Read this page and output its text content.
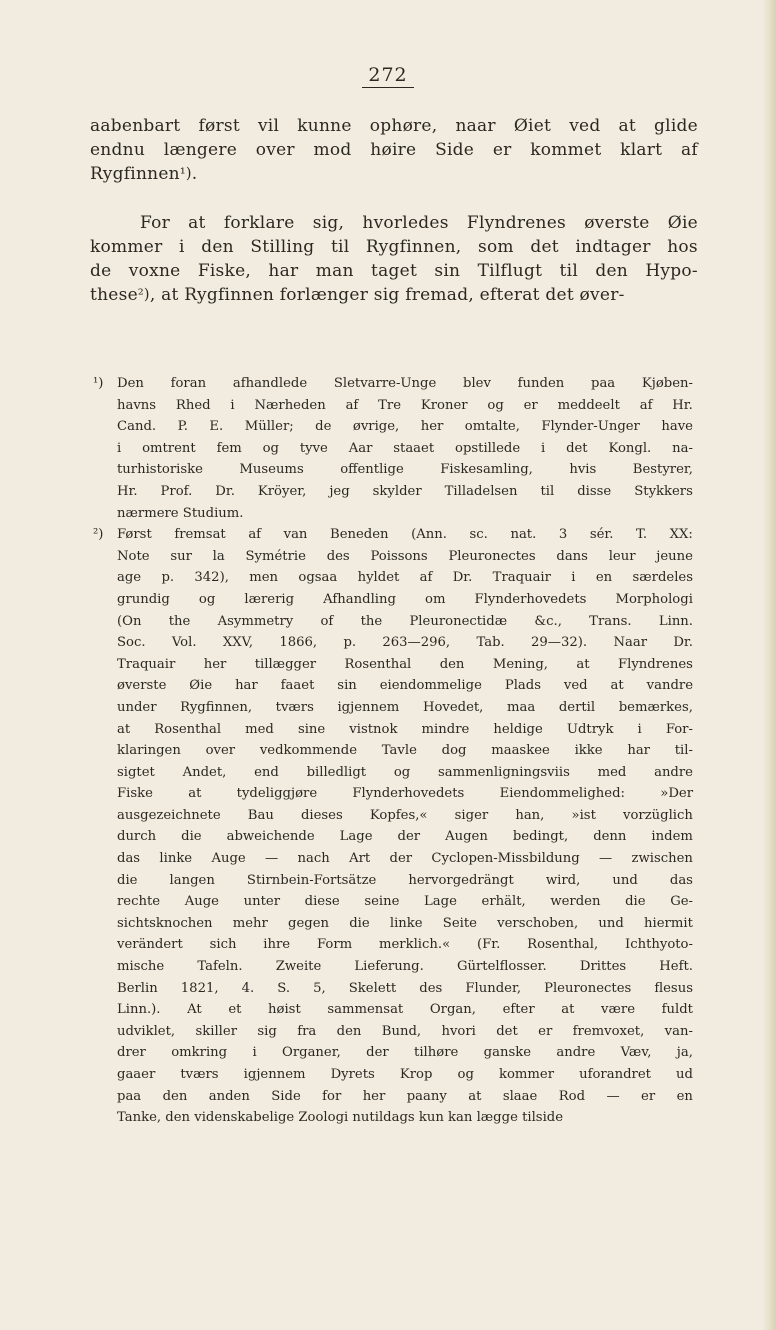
272
aabenbart først vil kunne ophøre, naar Øiet ved at glide
endnu længere over mod høire Side er kommet klart af
Rygfinnen ¹) .
For at forklare sig, hvorledes Flyndrenes øverste Øie
kommer i den Stilling til Rygfinnen, som det indtager hos
de voxne Fiske, har man taget sin Tilflugt til den Hypo-
these ²) , at Rygfinnen forlænger sig fremad, efterat det øver-
¹)	Den foran afhandlede Sletvarre-Unge blev funden paa Kjøben-
havns Rhed i Nærheden af Tre Kroner og er meddeelt af Hr.
Cand. P. E. Müller; de øvrige, her omtalte, Flynder-Unger have
i omtrent fem og tyve Aar staaet opstillede i det Kongl. na-
turhistoriske	Museums	offentlige	Fiskesamling,	hvis	Bestyrer,
Hr. Prof. Dr. Kröyer, jeg skylder Tilladelsen til disse Stykkers
nærmere Studium.
²)	Først fremsat af van Beneden (Ann. sc. nat. 3 sér. T. XX:
Note sur la Symétrie des Poissons Pleuronectes dans leur jeune
age p. 342), men ogsaa hyldet af Dr. Traquair i en særdeles
grundig og lærerig Afhandling om Flynderhovedets Morphologi
(On the Asymmetry of the Pleuronectidæ &c., Trans. Linn.
Soc. Vol. XXV, 1866, p. 263—296, Tab. 29—32). Naar Dr.
Traquair her tillægger Rosenthal den Mening, at Flyndrenes
øverste Øie har faaet sin eiendommelige Plads ved at vandre
under Rygfinnen, tværs igjennem Hovedet, maa dertil bemærkes,
at Rosenthal med sine vistnok mindre heldige Udtryk i For-
klaringen over vedkommende Tavle dog maaskee ikke har til-
sigtet Andet, end billedligt og sammenligningsviis med andre
Fiske	at	tydeliggjøre	Flynderhovedets	Eiendommelighed:	»Der
ausgezeichnete Bau dieses Kopfes,« siger han, »ist vorzüglich
durch die abweichende Lage der Augen bedingt, denn indem
das linke Auge — nach Art der Cyclopen-Missbildung — zwischen
die langen Stirnbein-Fortsätze hervorgedrängt wird, und das
rechte Auge unter diese seine Lage erhält, werden die Ge-
sichtsknochen mehr gegen die linke Seite verschoben, und hiermit
verändert sich ihre Form merklich.« (Fr. Rosenthal, Ichthyoto-
mische	Tafeln.	Zweite	Lieferung.	Gürtelflosser.	Drittes	Heft.
Berlin 1821, 4. S. 5, Skelett des Flunder, Pleuronectes flesus
Linn.). At et høist sammensat Organ, efter at være fuldt
udviklet, skiller sig fra den Bund, hvori det er fremvoxet, van-
drer omkring i Organer, der tilhøre ganske andre Væv, ja,
gaaer tværs igjennem Dyrets Krop og kommer uforandret ud
paa den anden Side for her paany at slaae Rod — er en
Tanke, den videnskabelige Zoologi nutildags kun kan lægge tilside
